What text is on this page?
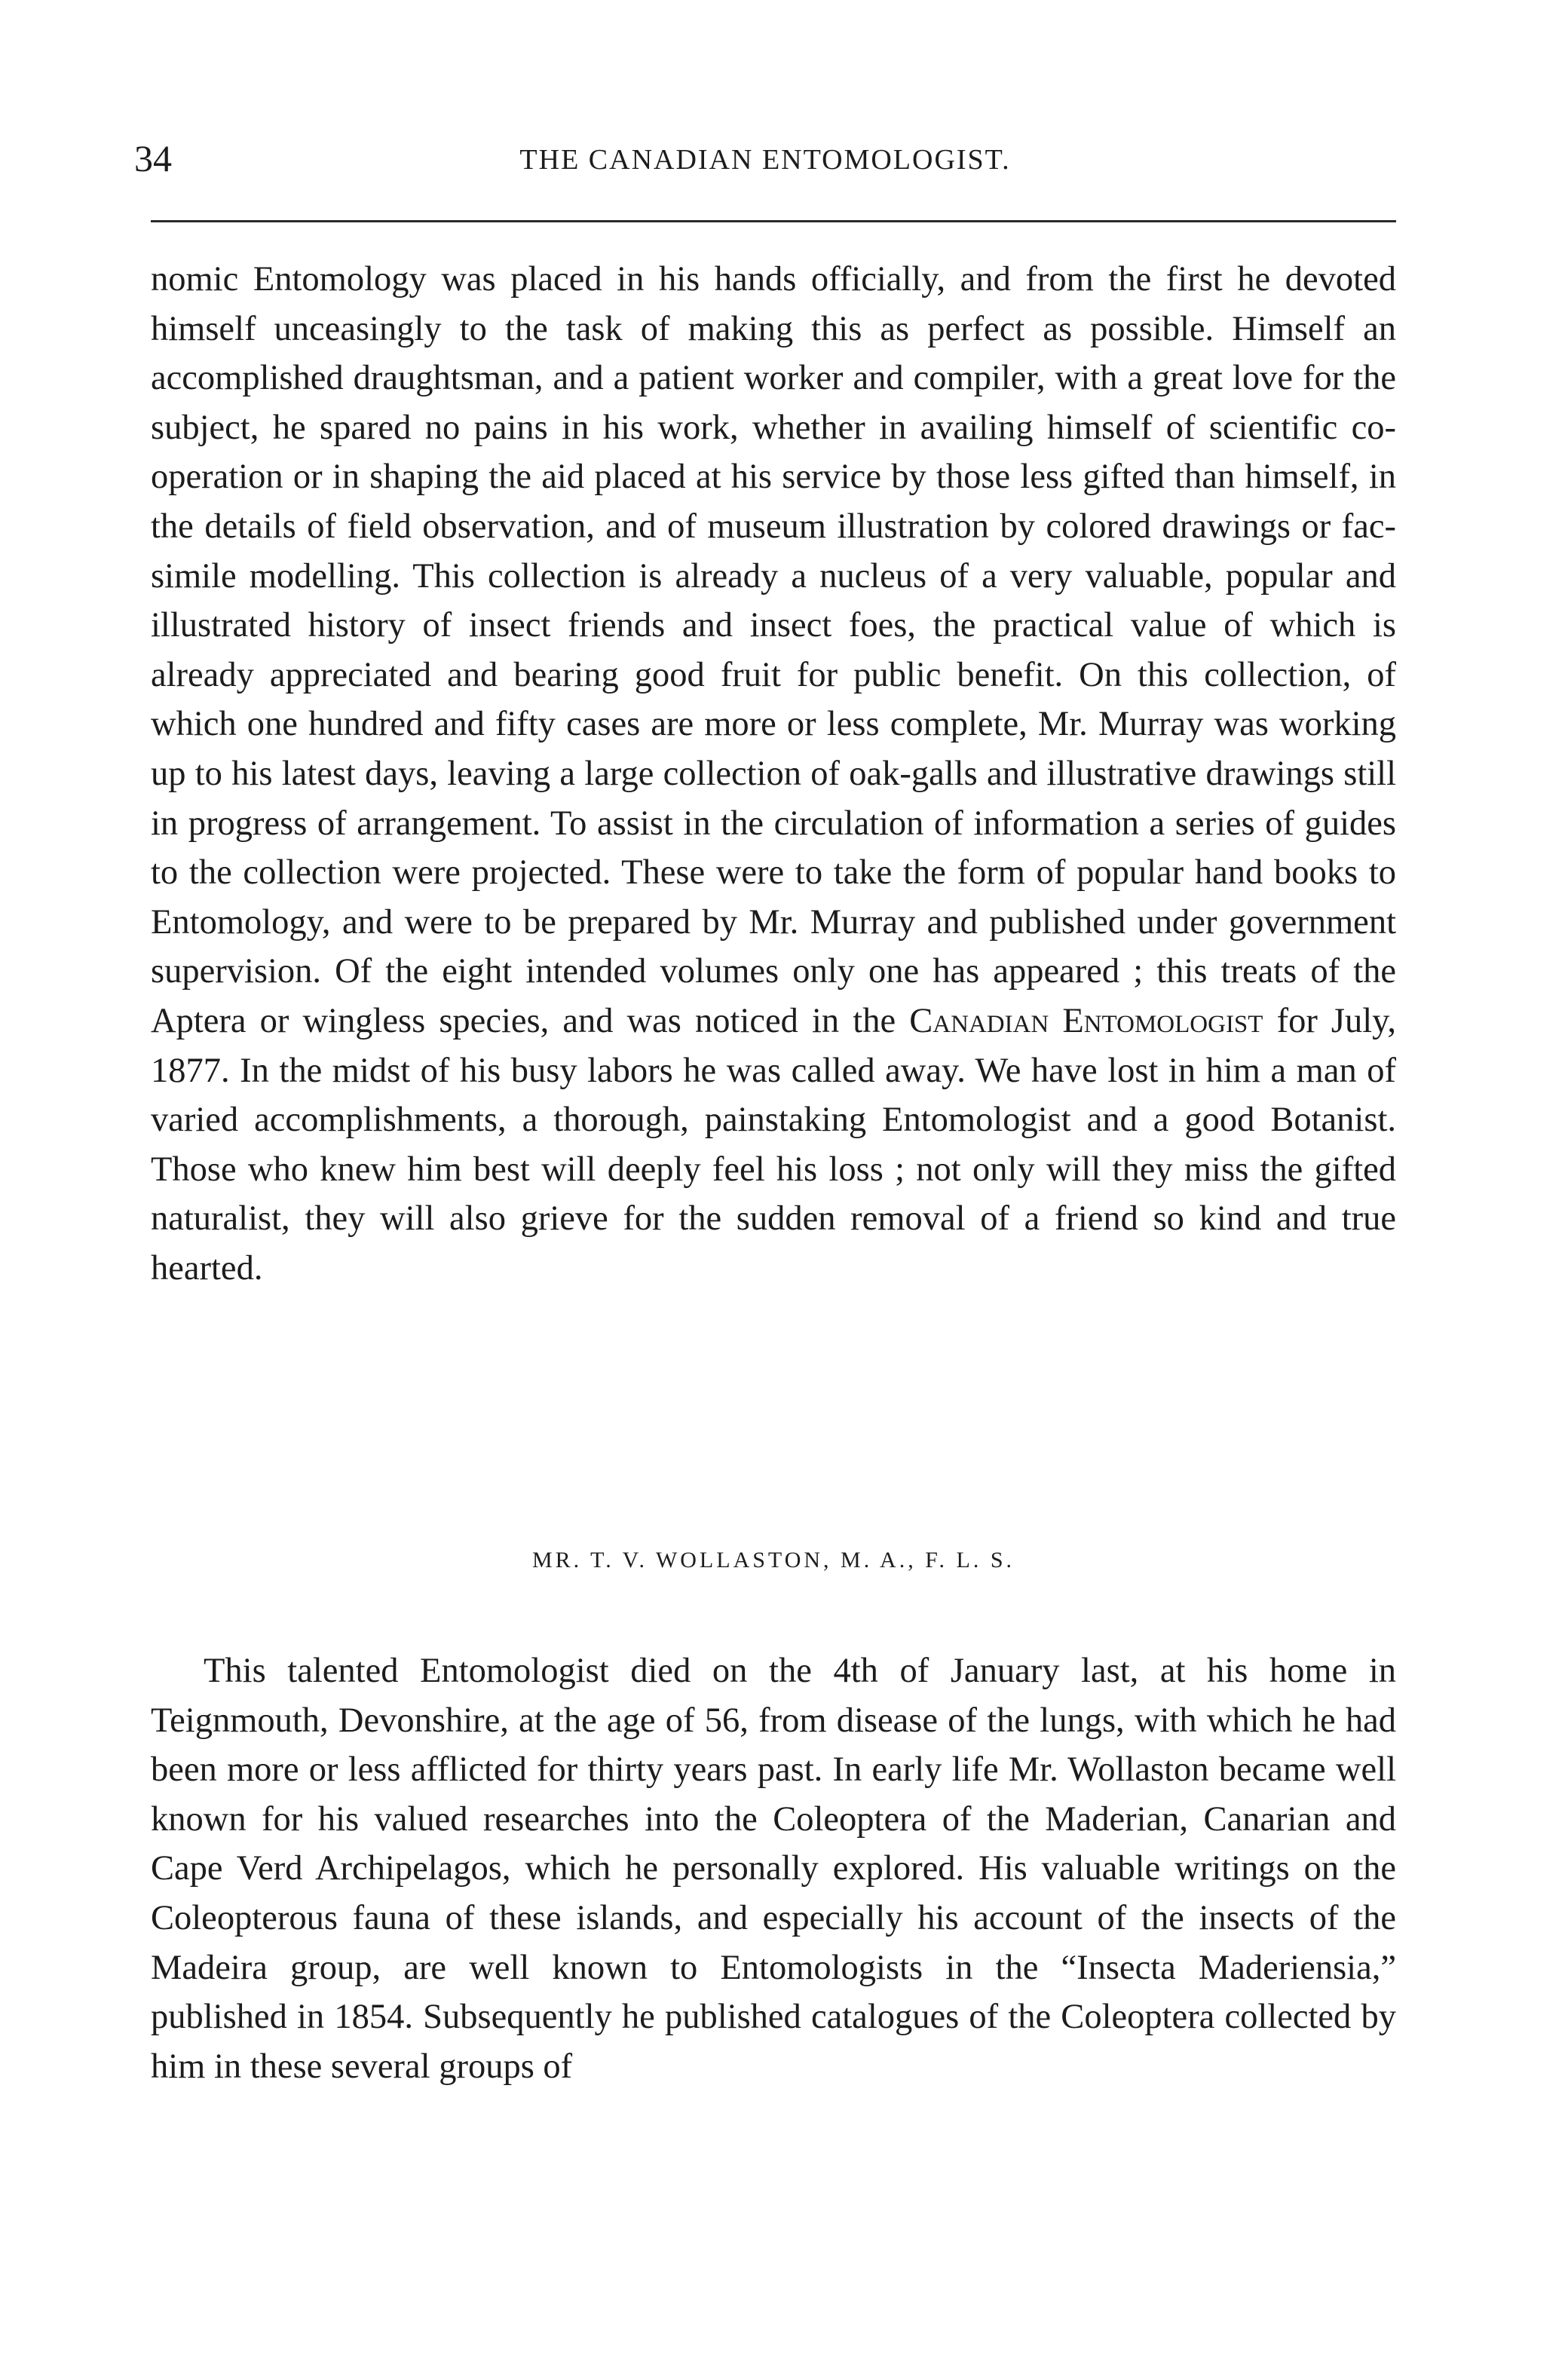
34	THE CANADIAN ENTOMOLOGIST.

nomic Entomology was placed in his hands officially, and from the first he devoted himself unceasingly to the task of making this as perfect as possible. Himself an accomplished draughtsman, and a patient worker and compiler, with a great love for the subject, he spared no pains in his work, whether in availing himself of scientific co-operation or in shaping the aid placed at his service by those less gifted than himself, in the details of field observation, and of museum illustration by colored drawings or fac-simile modelling. This collection is already a nucleus of a very valuable, popular and illustrated history of insect friends and insect foes, the practical value of which is already appreciated and bearing good fruit for public benefit. On this collection, of which one hundred and fifty cases are more or less complete, Mr. Murray was working up to his latest days, leaving a large collection of oak-galls and illustrative drawings still in progress of arrangement. To assist in the circulation of information a series of guides to the collection were projected. These were to take the form of popular hand books to Entomology, and were to be prepared by Mr. Murray and published under government supervision. Of the eight intended volumes only one has appeared ; this treats of the Aptera or wingless species, and was noticed in the Canadian Entomologist for July, 1877. In the midst of his busy labors he was called away. We have lost in him a man of varied accomplishments, a thorough, painstaking Entomologist and a good Botanist. Those who knew him best will deeply feel his loss ; not only will they miss the gifted naturalist, they will also grieve for the sudden removal of a friend so kind and true hearted.

MR. T. V. WOLLASTON, M. A., F. L. S.

This talented Entomologist died on the 4th of January last, at his home in Teignmouth, Devonshire, at the age of 56, from disease of the lungs, with which he had been more or less afflicted for thirty years past. In early life Mr. Wollaston became well known for his valued researches into the Coleoptera of the Maderian, Canarian and Cape Verd Archipelagos, which he personally explored. His valuable writings on the Coleopterous fauna of these islands, and especially his account of the insects of the Madeira group, are well known to Entomologists in the “Insecta Maderiensia,” published in 1854. Subsequently he published catalogues of the Coleoptera collected by him in these several groups of
